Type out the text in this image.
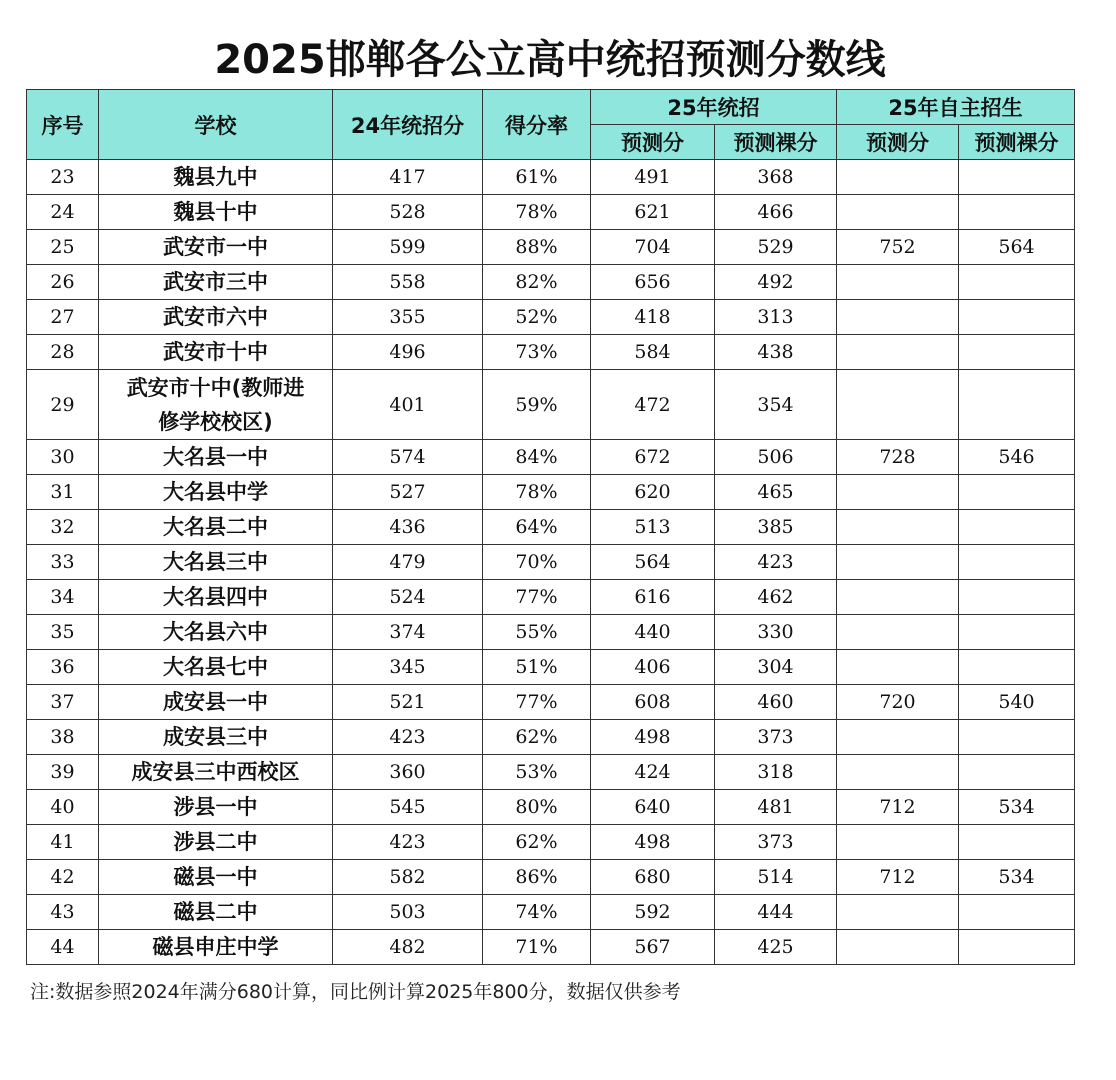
2025邯郸各公立高中统招预测分数线
序号	学校	24年统招分	得分率	25年统招		25年自主招生	
				预测分	预测裸分	预测分	预测裸分
23	魏县九中	417	61%	491	368		
24	魏县十中	528	78%	621	466		
25	武安市一中	599	88%	704	529	752	564
26	武安市三中	558	82%	656	492		
27	武安市六中	355	52%	418	313		
28	武安市十中	496	73%	584	438		
29	武安市十中(教师进
修学校校区)	401	59%	472	354		
30	大名县一中	574	84%	672	506	728	546
31	大名县中学	527	78%	620	465		
32	大名县二中	436	64%	513	385		
33	大名县三中	479	70%	564	423		
34	大名县四中	524	77%	616	462		
35	大名县六中	374	55%	440	330		
36	大名县七中	345	51%	406	304		
37	成安县一中	521	77%	608	460	720	540
38	成安县三中	423	62%	498	373		
39	成安县三中西校区	360	53%	424	318		
40	涉县一中	545	80%	640	481	712	534
41	涉县二中	423	62%	498	373		
42	磁县一中	582	86%	680	514	712	534
43	磁县二中	503	74%	592	444		
44	磁县申庄中学	482	71%	567	425		
注:数据参照2024年满分680计算，同比例计算2025年800分，数据仅供参考
